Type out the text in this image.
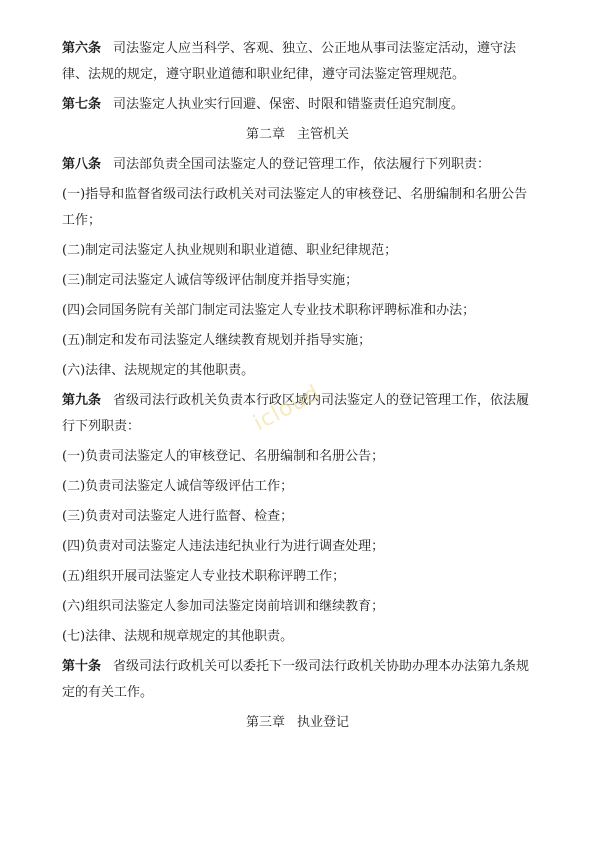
第六条 司法鉴定人应当科学、客观、独立、公正地从事司法鉴定活动，遵守法律、法规的规定，遵守职业道德和职业纪律，遵守司法鉴定管理规范。

第七条 司法鉴定人执业实行回避、保密、时限和错鉴责任追究制度。

第二章 主管机关

第八条 司法部负责全国司法鉴定人的登记管理工作，依法履行下列职责：

(一)指导和监督省级司法行政机关对司法鉴定人的审核登记、名册编制和名册公告工作；

(二)制定司法鉴定人执业规则和职业道德、职业纪律规范；

(三)制定司法鉴定人诚信等级评估制度并指导实施；

(四)会同国务院有关部门制定司法鉴定人专业技术职称评聘标准和办法；

(五)制定和发布司法鉴定人继续教育规划并指导实施；

(六)法律、法规规定的其他职责。

第九条 省级司法行政机关负责本行政区域内司法鉴定人的登记管理工作，依法履行下列职责：

(一)负责司法鉴定人的审核登记、名册编制和名册公告；

(二)负责司法鉴定人诚信等级评估工作；

(三)负责对司法鉴定人进行监督、检查；

(四)负责对司法鉴定人违法违纪执业行为进行调查处理；

(五)组织开展司法鉴定人专业技术职称评聘工作；

(六)组织司法鉴定人参加司法鉴定岗前培训和继续教育；

(七)法律、法规和规章规定的其他职责。

第十条 省级司法行政机关可以委托下一级司法行政机关协助办理本办法第九条规定的有关工作。

第三章 执业登记

icloud
